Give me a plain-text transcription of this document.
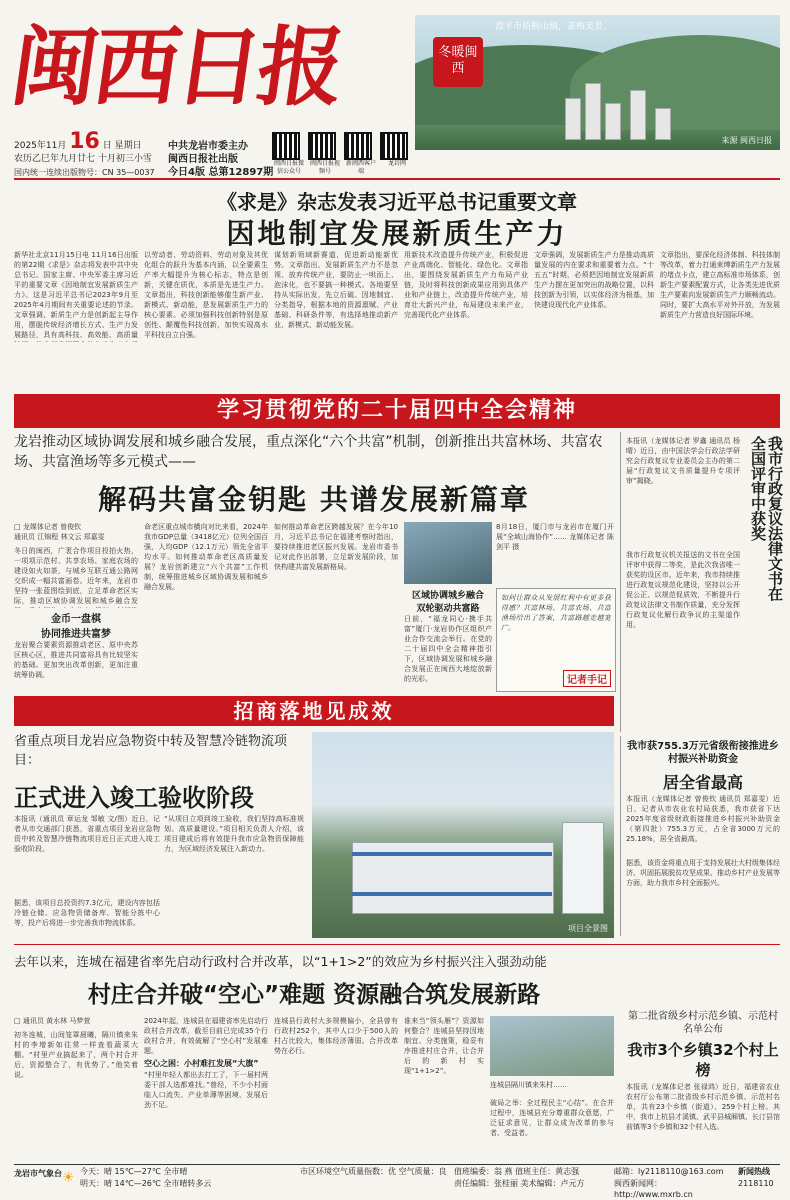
闽西日报	冬暖闽西
漳平市梧桐山镇，茶梅美景。
来源 闽西日报
2025年11月 16 日 星期日
农历乙巳年九月廿七 十月初三小雪
国内统一连续出版物号：CN 35—0037
中共龙岩市委主办
闽西日报社出版
今日4版 总第12897期
闽西日报微信公众号
闽西日报视频号
新闽西客户端
龙岩网
《求是》杂志发表习近平总书记重要文章
因地制宜发展新质生产力
新华社北京11月15日电 11月16日出版的第22期《求是》杂志将发表中共中央总书记、国家主席、中央军委主席习近平的重要文章《因地制宜发展新质生产力》。这是习近平总书记2023年9月至2025年4月期间有关重要论述的节录。文章强调，新质生产力是创新起主导作用，摆脱传统经济增长方式、生产力发展路径，具有高科技、高效能、高质量
以劳动者、劳动资料、劳动对象及其优化组合的跃升为基本内涵，以全要素生产率大幅提升为核心标志，特点是创新，关键在质优，本质是先进生产力。文章指出，科技创新能够催生新产业、新模式、新动能，是发展新质生产力的核心要素。必须加强科技创新特别是原创性、颠覆性科技创新，加快实现高水平科技自立自强。
谋划新领域新赛道，促进新动能新优势。文章指出，发展新质生产力不是忽视、放弃传统产业，要防止一哄而上、泡沫化，也不要搞一种模式。各地要坚持从实际出发，先立后破、因地制宜、分类指导，根据本地的资源禀赋、产业基础、科研条件等，有选择地推动新产业、新模式、新动能发展。
用新技术改造提升传统产业，积极促进产业高端化、智能化、绿色化。文章指出，要围绕发展新质生产力布局产业链，及时将科技创新成果应用到具体产业和产业链上，改造提升传统产业，培育壮大新兴产业，布局建设未来产业，完善现代化产业体系。
文章强调，发展新质生产力是推动高质量发展的内在要求和重要着力点。“十五五”时期，必须把因地制宜发展新质生产力摆在更加突出的战略位置，以科技创新为引领，以实体经济为根基，加快建设现代化产业体系。
文章指出，要深化经济体制、科技体制等改革，着力打通束缚新质生产力发展的堵点卡点，建立高标准市场体系，创新生产要素配置方式，让各类先进优质生产要素向发展新质生产力顺畅流动。同时，要扩大高水平对外开放，为发展新质生产力营造良好国际环境。
学习贯彻党的二十届四中全会精神
龙岩推动区域协调发展和城乡融合发展，重点深化“六个共富”机制，创新推出共富林场、共富农场、共富渔场等多元模式——
解码共富金钥匙 共谱发展新篇章
□ 龙媒体记者 曾俊钦
通讯员 江锦程 林文云 郑嘉雯
冬日的闽西，广袤合作项目投拍火热，一项项示范村、共享农场、家庭农场的建设如火如荼，与城乡互联互通公路网交织成一幅共富画卷。近年来，龙岩市坚持一张蓝图绘到底，立足革命老区实际，推动区域协调发展和城乡融合发
金币一盘棋
协同推进共富梦
龙岩聚合要素资源推动老区、原中央苏区核心区，推进共同富裕具有比较坚实的基础。更加突出改革创新，更加注重统筹协调。
命老区重点城市横向对比来看，2024年我市GDP总量（3418亿元）位列全国百强，人均GDP（12.1万元）领先全省平均水平。如何推动革命老区高质量发展？龙岩创新建立“六个共富”工作机制，统筹推进城乡区域协调发展和城乡融合发展。
如何推动革命老区跨越发展？在今年10月，习近平总书记在福建考察时指出，要持续推进老区振兴发展。龙岩市委书记对此作出部署，立足新发展阶段，加快构建共富发展新格局。
8月18日，厦门市与龙岩市在厦门开展“全域山海协作”…… 龙媒体记者 陈剑平 摄
区域协调城乡融合
双轮驱动共富路
日前，“福龙同心·携手共富”厦门·龙岩协作区组织产业合作交流会举行。在党的二十届四中全会精神指引下，区域协调发展和城乡融合发展正在闽西大地绽放新的光彩。
如何让群众从发展红利中有更多获得感？共富林场、共富农场、共富渔场给出了答案，共富路越走越宽广。
记者手记
我市行政复议法律文书在全国评审中获奖
本报讯（龙媒体记者 罗鑫 通讯员 杨晴）近日，由中国法学会行政法学研究会行政复议专业委员会主办的第二届“行政复议文书质量提升专项评审”揭晓。
我市行政复议机关报送的文书在全国评审中获得二等奖，是此次我省唯一获奖的设区市。近年来，我市持续推进行政复议规范化建设，坚持以公开促公正、以规范促质效，不断提升行政复议法律文书制作质量，充分发挥行政复议化解行政争议的主渠道作用。
招商落地见成效
省重点项目龙岩应急物资中转及智慧冷链物流项目：
正式进入竣工验收阶段
本报讯（通讯员 章运龙 邹敏 文/图）近日，记者从市交通部门获悉，省重点项目龙岩应急物资中转及智慧冷链物流项目近日正式进入竣工验收阶段。
据悉，该项目总投资约7.3亿元，建设内容包括冷链仓储、应急物资储备库、智能分拣中心等，投产后将进一步完善我市物流体系。
“从项目立项到竣工验收，我们坚持高标准规划、高质量建设。”项目相关负责人介绍，该项目建成后将有效提升我市应急物资保障能力，为区域经济发展注入新动力。
项目全景图
我市获755.3万元省级衔接推进乡村振兴补助资金
居全省最高
本报讯（龙媒体记者 曾俊钦 通讯员 郑嘉雯）近日，记者从市农业农村局获悉，我市获省下达2025年度省级财政衔接推进乡村振兴补助资金（第四批）755.3万元，占全省3000万元的25.18%，居全省最高。
据悉，该资金将重点用于支持发展壮大村级集体经济、巩固拓展脱贫攻坚成果、推动乡村产业发展等方面，助力我市乡村全面振兴。
第二批省级乡村示范乡镇、示范村名单公布
我市3个乡镇32个村上榜
本报讯（龙媒体记者 张禄鸿）近日，福建省农业农村厅公布第二批省级乡村示范乡镇、示范村名单，共有23个乡镇（街道）、259个村上榜。其中，我市上杭县才溪镇、武平县城厢镇、长汀县馆前镇等3个乡镇和32个村入选。
去年以来，连城在福建省率先启动行政村合并改革，以“1+1>2”的效应为乡村振兴注入强劲动能
村庄合并破“空心”难题 资源融合筑发展新路
□ 通讯员 黄水林 马梦萱
初冬连城，山间笼罩晨曦，隔川镇来朱村的李增新如往常一样查看蔬菜大棚。“村里产业搞起来了，两个村合并后，资源整合了，有优势了。”他笑着说。
2024年起，连城县在福建省率先启动行政村合并改革，截至目前已完成35个行政村合并，有效破解了“空心村”发展难题。
空心之困：小村难扛发展“大旗”
“村里年轻人都出去打工了，下一届村两委干部人选都难找。”曾经，不少小村面临人口流失、产业单薄等困境，发展后劲不足。
连城县行政村大多规模偏小，全县曾有行政村252个，其中人口少于500人的村占比较大，集体经济薄弱。合并改革势在必行。
谁来当“领头雁”？资源如何整合？连城县坚持因地制宜、分类施策，稳妥有序推进村庄合并，让合并后的新村实现“1+1>2”。
连城县隔川镇来朱村……
破局之举：全过程民主“心结”。在合并过程中，连城县充分尊重群众意愿，广泛征求意见，让群众成为改革的参与者、受益者。
龙岩市气象台 ☀ 今天：晴 15℃—27℃ 全市晴
明天：晴 14℃—26℃ 全市晴转多云
市区环境空气质量指数：优 空气质量：良 值班编委：翁 燕 值班主任：黄志强
责任编辑：张桂丽 美术编辑：卢元方
邮箱：ly2118110@163.com
闽西新闻网：http://www.mxrb.cn
新闻热线
2118110
